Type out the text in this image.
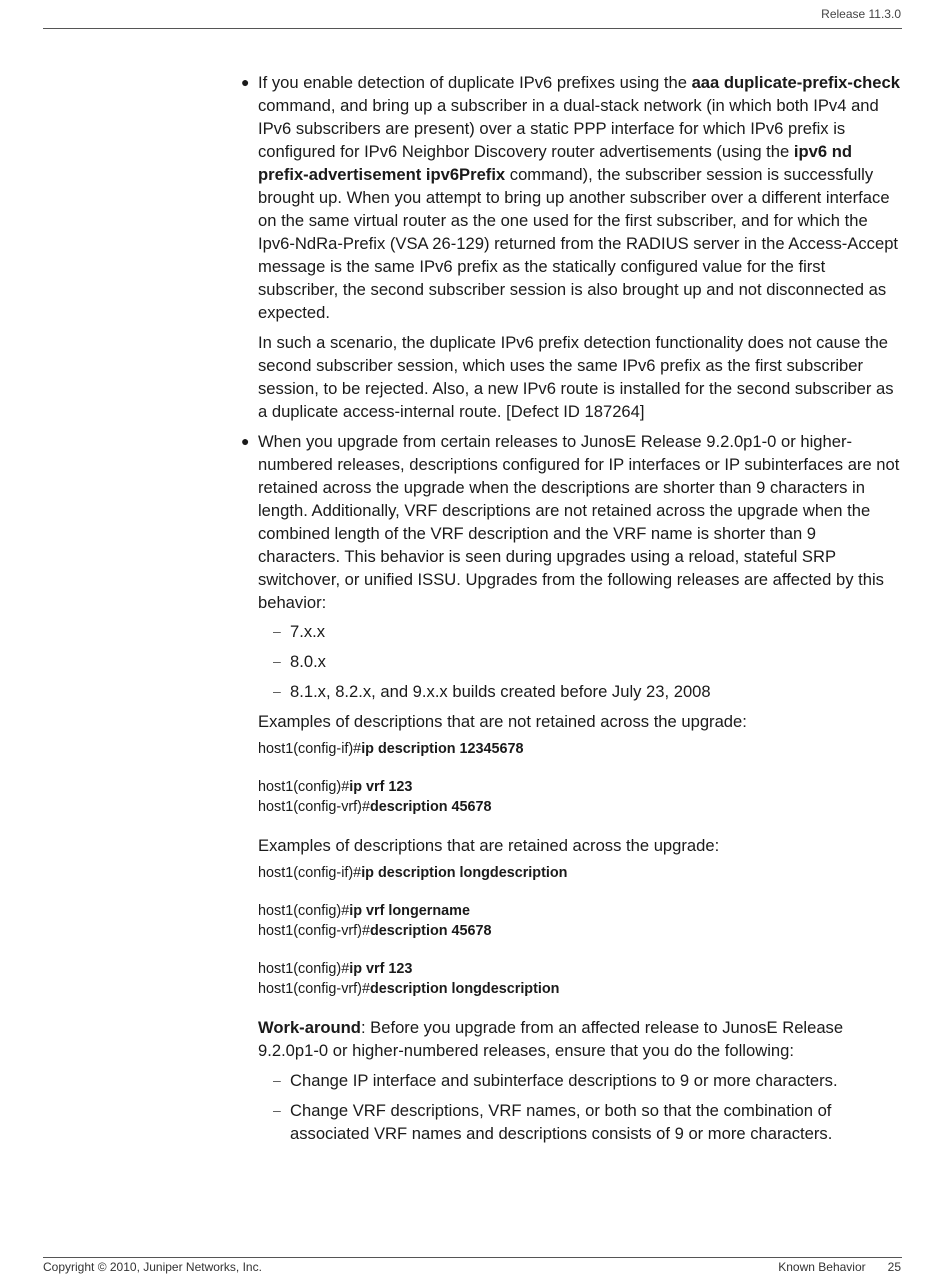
Release 11.3.0
● If you enable detection of duplicate IPv6 prefixes using the aaa duplicate-prefix-check command, and bring up a subscriber in a dual-stack network (in which both IPv4 and IPv6 subscribers are present) over a static PPP interface for which IPv6 prefix is configured for IPv6 Neighbor Discovery router advertisements (using the ipv6 nd prefix-advertisement ipv6Prefix command), the subscriber session is successfully brought up. When you attempt to bring up another subscriber over a different interface on the same virtual router as the one used for the first subscriber, and for which the Ipv6-NdRa-Prefix (VSA 26-129) returned from the RADIUS server in the Access-Accept message is the same IPv6 prefix as the statically configured value for the first subscriber, the second subscriber session is also brought up and not disconnected as expected.

In such a scenario, the duplicate IPv6 prefix detection functionality does not cause the second subscriber session, which uses the same IPv6 prefix as the first subscriber session, to be rejected. Also, a new IPv6 route is installed for the second subscriber as a duplicate access-internal route. [Defect ID 187264]

● When you upgrade from certain releases to JunosE Release 9.2.0p1-0 or higher-numbered releases, descriptions configured for IP interfaces or IP subinterfaces are not retained across the upgrade when the descriptions are shorter than 9 characters in length. Additionally, VRF descriptions are not retained across the upgrade when the combined length of the VRF description and the VRF name is shorter than 9 characters. This behavior is seen during upgrades using a reload, stateful SRP switchover, or unified ISSU. Upgrades from the following releases are affected by this behavior:

– 7.x.x
– 8.0.x
– 8.1.x, 8.2.x, and 9.x.x builds created before July 23, 2008

Examples of descriptions that are not retained across the upgrade:

host1(config-if)#ip description 12345678
host1(config)#ip vrf 123
host1(config-vrf)#description 45678

Examples of descriptions that are retained across the upgrade:

host1(config-if)#ip description longdescription
host1(config)#ip vrf longername
host1(config-vrf)#description 45678
host1(config)#ip vrf 123
host1(config-vrf)#description longdescription

Work-around: Before you upgrade from an affected release to JunosE Release 9.2.0p1-0 or higher-numbered releases, ensure that you do the following:

– Change IP interface and subinterface descriptions to 9 or more characters.
– Change VRF descriptions, VRF names, or both so that the combination of associated VRF names and descriptions consists of 9 or more characters.
Copyright © 2010, Juniper Networks, Inc.	Known Behavior 25
